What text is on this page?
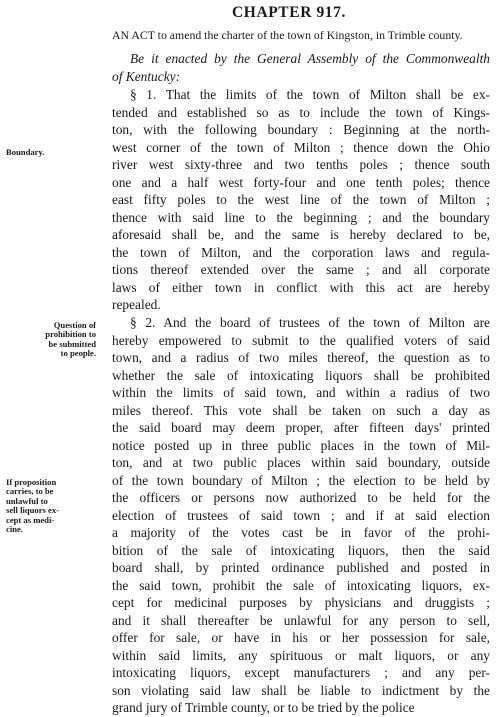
CHAPTER 917.
AN ACT to amend the charter of the town of Kingston, in Trimble county.
Be it enacted by the General Assembly of the Commonwealth
of Kentucky:
§ 1. That the limits of the town of Milton shall be ex-
tended and established so as to include the town of Kings-
ton, with the following boundary : Beginning at the north-
west corner of the town of Milton ; thence down the Ohio
river west sixty-three and two tenths poles ; thence south
one and a half west forty-four and one tenth poles; thence
east fifty poles to the west line of the town of Milton ;
thence with said line to the beginning ; and the boundary
aforesaid shall be, and the same is hereby declared to be,
the town of Milton, and the corporation laws and regula-
tions thereof extended over the same ; and all corporate
laws of either town in conflict with this act are hereby
repealed.
§ 2. And the board of trustees of the town of Milton are
hereby empowered to submit to the qualified voters of said
town, and a radius of two miles thereof, the question as to
whether the sale of intoxicating liquors shall be prohibited
within the limits of said town, and within a radius of two
miles thereof. This vote shall be taken on such a day as
the said board may deem proper, after fifteen days' printed
notice posted up in three public places in the town of Mil-
ton, and at two public places within said boundary, outside
of the town boundary of Milton ; the election to be held by
the officers or persons now authorized to be held for the
election of trustees of said town ; and if at said election
a majority of the votes cast be in favor of the prohi-
bition of the sale of intoxicating liquors, then the said
board shall, by printed ordinance published and posted in
the said town, prohibit the sale of intoxicating liquors, ex-
cept for medicinal purposes by physicians and druggists ;
and it shall thereafter be unlawful for any person to sell,
offer for sale, or have in his or her possession for sale,
within said limits, any spirituous or malt liquors, or any
intoxicating liquors, except manufacturers ; and any per-
son violating said law shall be liable to indictment by the
grand jury of Trimble county, or to be tried by the police
Boundary.
Question of
prohibition to
be submitted
to people.
If proposition
carries, to be
unlawful to
sell liquors ex-
cept as medi-
cine.
